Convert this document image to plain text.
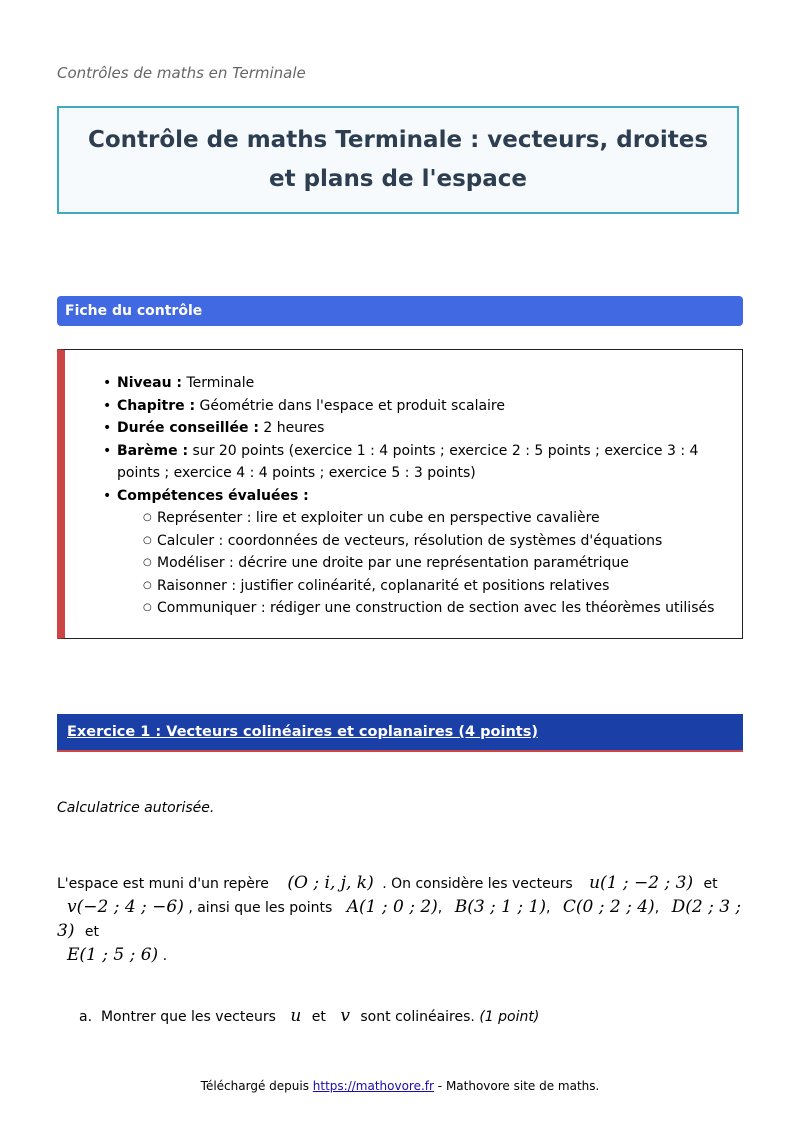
Contrôles de maths en Terminale
Contrôle de maths Terminale : vecteurs, droites et plans de l'espace
Fiche du contrôle
• Niveau : Terminale
• Chapitre : Géométrie dans l'espace et produit scalaire
• Durée conseillée : 2 heures
• Barème : sur 20 points (exercice 1 : 4 points ; exercice 2 : 5 points ; exercice 3 : 4 points ; exercice 4 : 4 points ; exercice 5 : 3 points)
• Compétences évaluées :
○ Représenter : lire et exploiter un cube en perspective cavalière
○ Calculer : coordonnées de vecteurs, résolution de systèmes d'équations
○ Modéliser : décrire une droite par une représentation paramétrique
○ Raisonner : justifier colinéarité, coplanarité et positions relatives
○ Communiquer : rédiger une construction de section avec les théorèmes utilisés
Exercice 1 : Vecteurs colinéaires et coplanaires (4 points)
Calculatrice autorisée.
L'espace est muni d'un repère (O ; i, j, k) . On considère les vecteurs u(1 ; −2 ; 3) et
v(−2 ; 4 ; −6) , ainsi que les points A(1 ; 0 ; 2), B(3 ; 1 ; 1), C(0 ; 2 ; 4), D(2 ; 3 ; 3) et
E(1 ; 5 ; 6) .
a. Montrer que les vecteurs u et v sont colinéaires. (1 point)
Téléchargé depuis https://mathovore.fr - Mathovore site de maths.
